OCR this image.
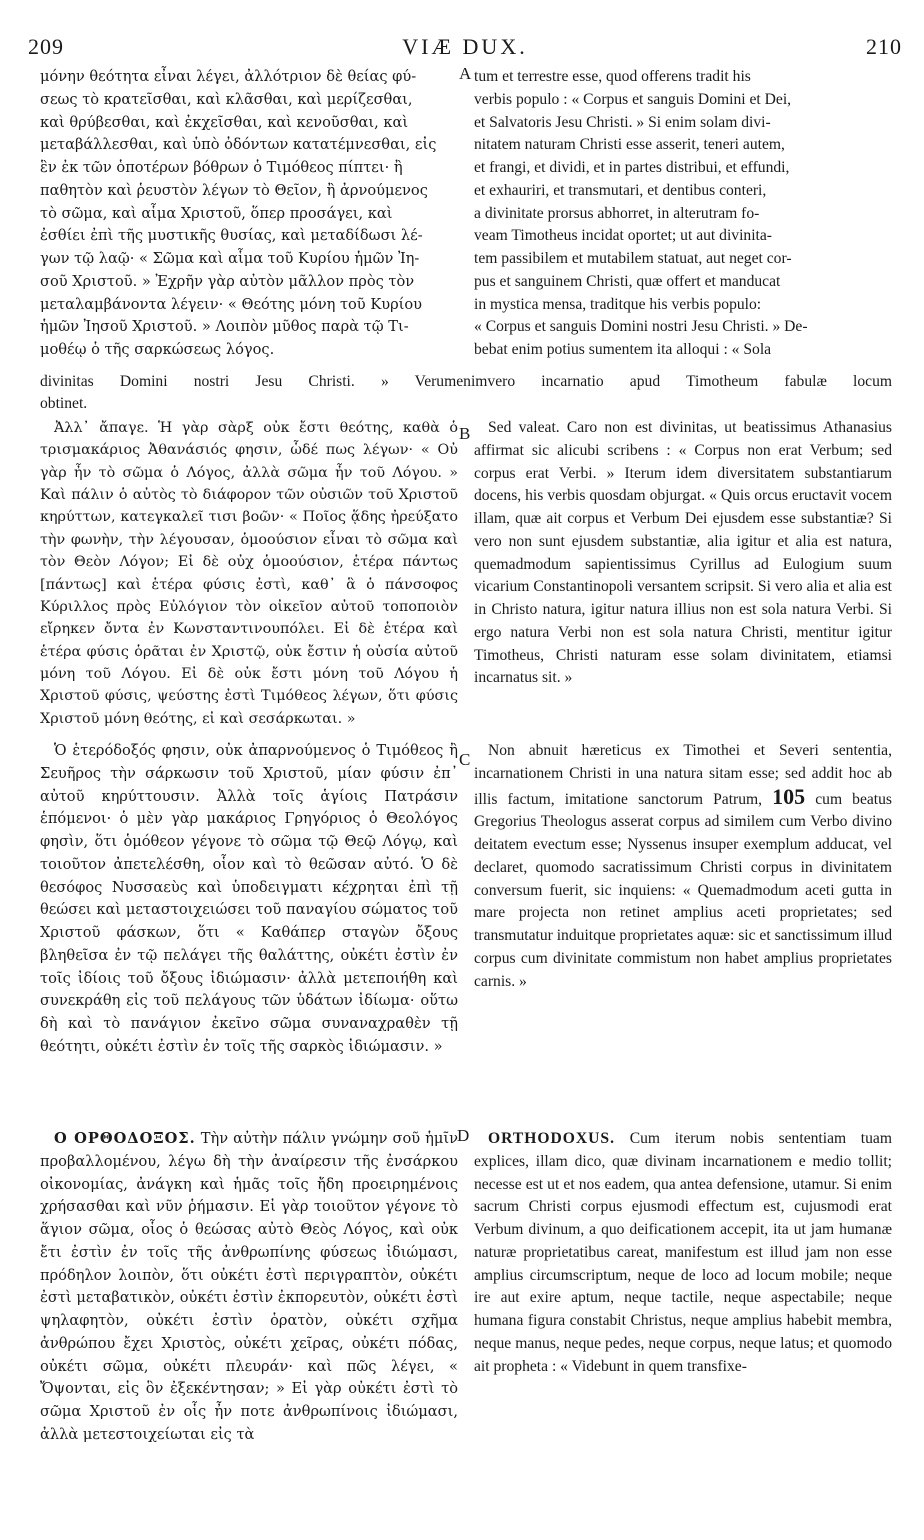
209	VIÆ DUX.	210
μόνην θεότητα εἶναι λέγει, ἀλλότριον δὲ θείας φύ-
σεως τὸ κρατεῖσθαι, καὶ κλᾶσθαι, καὶ μερίζεσθαι,
καὶ θρύβεσθαι, καὶ ἐκχεῖσθαι, καὶ κενοῦσθαι, καὶ
μεταβάλλεσθαι, καὶ ὑπὸ ὀδόντων κατατέμνεσθαι, εἰς
ἓν ἐκ τῶν ὁποτέρων βόθρων ὁ Τιμόθεος πίπτει· ἢ
παθητὸν καὶ ῥευστὸν λέγων τὸ Θεῖον, ἢ ἀρνούμενος
τὸ σῶμα, καὶ αἷμα Χριστοῦ, ὅπερ προσάγει, καὶ
ἐσθίει ἐπὶ τῆς μυστικῆς θυσίας, καὶ μεταδίδωσι λέ-
γων τῷ λαῷ· « Σῶμα καὶ αἷμα τοῦ Κυρίου ἡμῶν Ἰη-
σοῦ Χριστοῦ. » Ἐχρῆν γὰρ αὐτὸν μᾶλλον πρὸς τὸν
μεταλαμβάνοντα λέγειν· « Θεότης μόνη τοῦ Κυρίου
ἡμῶν Ἰησοῦ Χριστοῦ. » Λοιπὸν μῦθος παρὰ τῷ Τι-
μοθέῳ ὁ τῆς σαρκώσεως λόγος.
A tum et terrestre esse, quod offerens tradit his
verbis populo : « Corpus et sanguis Domini et Dei,
et Salvatoris Jesu Christi. » Si enim solam divi-
nitatem naturam Christi esse asserit, teneri autem,
et frangi, et dividi, et in partes distribui, et effundi,
et exhauriri, et transmutari, et dentibus conteri,
a divinitate prorsus abhorret, in alterutram fo-
veam Timotheus incidat oportet; ut aut divinita-
tem passibilem et mutabilem statuat, aut neget cor-
pus et sanguinem Christi, quæ offert et manducat
in mystica mensa, traditque his verbis populo:
« Corpus et sanguis Domini nostri Jesu Christi. » De-
bebat enim potius sumentem ita alloqui : « Sola
divinitas Domini nostri Jesu Christi. » Verumenimvero incarnatio apud Timotheum fabulæ locum
obtinet.

Ἀλλ᾽ ἄπαγε. Ἡ γὰρ σὰρξ οὐκ ἔστι θεότης, καθὰ ὁ τρισμακάριος Ἀθανάσιός φησιν, ὧδέ πως λέγων· « Οὐ γὰρ ἦν τὸ σῶμα ὁ Λόγος, ἀλλὰ σῶμα ἦν τοῦ Λόγου. » Καὶ πάλιν ὁ αὐτὸς τὸ διάφορον τῶν οὐσιῶν τοῦ Χριστοῦ κηρύττων, κατεγκαλεῖ τισι βοῶν· « Ποῖος ᾅδης ἠρεύξατο τὴν φωνὴν, τὴν λέγουσαν, ὁμοούσιον εἶναι τὸ σῶμα καὶ τὸν Θεὸν Λόγον; Εἰ δὲ οὐχ ὁμοούσιον, ἑτέρα πάντως [πάντως] καὶ ἑτέρα φύσις ἐστὶ, καθ᾽ ἃ ὁ πάνσοφος Κύριλλος πρὸς Εὐλόγιον τὸν οἰκεῖον αὐτοῦ τοποποιὸν εἴρηκεν ὄντα ἐν Κωνσταντινουπόλει. Εἰ δὲ ἑτέρα καὶ ἑτέρα φύσις ὁρᾶται ἐν Χριστῷ, οὐκ ἔστιν ἡ οὐσία αὐτοῦ μόνη τοῦ Λόγου. Εἰ δὲ οὐκ ἔστι μόνη τοῦ Λόγου ἡ Χριστοῦ φύσις, ψεύστης ἐστὶ Τιμόθεος λέγων, ὅτι φύσις Χριστοῦ μόνη θεότης, εἰ καὶ σεσάρκωται. »

B	Sed valeat. Caro non est divinitas, ut beatissimus Athanasius affirmat sic alicubi scribens : « Corpus non erat Verbum; sed corpus erat Verbi. » Iterum idem diversitatem substantiarum docens, his verbis quosdam objurgat. « Quis orcus eructavit vocem illam, quæ ait corpus et Verbum Dei ejusdem esse substantiæ? Si vero non sunt ejusdem substantiæ, alia igitur et alia est natura, quemadmodum sapientissimus Cyrillus ad Eulogium suum vicarium Constantinopoli versantem scripsit. Si vero alia et alia est in Christo natura, igitur natura illius non est sola natura Verbi. Si ergo natura Verbi non est sola natura Christi, mentitur igitur Timotheus, Christi naturam esse solam divinitatem, etiamsi incarnatus sit. »

Ὁ ἑτερόδοξός φησιν, οὐκ ἀπαρνούμενος ὁ Τιμόθεος ἢ Σευῆρος τὴν σάρκωσιν τοῦ Χριστοῦ, μίαν φύσιν ἐπ᾽ αὐτοῦ κηρύττουσιν. Ἀλλὰ τοῖς ἁγίοις Πατράσιν ἑπόμενοι· ὁ μὲν γὰρ μακάριος Γρηγόριος ὁ Θεολόγος φησὶν, ὅτι ὁμόθεον γέγονε τὸ σῶμα τῷ Θεῷ Λόγῳ, καὶ τοιοῦτον ἀπετελέσθη, οἷον καὶ τὸ θεῶσαν αὐτό. Ὁ δὲ θεσόφος Νυσσαεὺς καὶ ὑποδειγματι κέχρηται ἐπὶ τῇ θεώσει καὶ μεταστοιχειώσει τοῦ παναγίου σώματος τοῦ Χριστοῦ φάσκων, ὅτι « Καθάπερ σταγὼν ὄξους βληθεῖσα ἐν τῷ πελάγει τῆς θαλάττης, οὐκέτι ἐστὶν ἐν τοῖς ἰδίοις τοῦ ὄξους ἰδιώμασιν· ἀλλὰ μετεποιήθη καὶ συνεκράθη εἰς τοῦ πελάγους τῶν ὑδάτων ἰδίωμα· οὕτω δὴ καὶ τὸ πανάγιον ἐκεῖνο σῶμα συναναχραθὲν τῇ θεότητι, οὐκέτι ἐστὶν ἐν τοῖς τῆς σαρκὸς ἰδιώμασιν. »

C	Non abnuit hæreticus ex Timothei et Severi sententia, incarnationem Christi in una natura sitam esse; sed addit hoc ab illis factum, imitatione sanctorum Patrum, 105 cum beatus Gregorius Theologus asserat corpus ad similem cum Verbo divino deitatem evectum esse; Nyssenus insuper exemplum adducat, vel declaret, quomodo sacratissimum Christi corpus in divinitatem conversum fuerit, sic inquiens: « Quemadmodum aceti gutta in mare projecta non retinet amplius aceti proprietates; sed transmutatur induitque proprietates aquæ: sic et sanctissimum illud corpus cum divinitate commistum non habet amplius proprietates carnis. »

Ο ΟΡΘΟΔΟΞΟΣ. Τὴν αὐτὴν πάλιν γνώμην σοῦ ἡμῖν προβαλλομένου, λέγω δὴ τὴν ἀναίρεσιν τῆς ἐνσάρκου οἰκονομίας, ἀνάγκη καὶ ἡμᾶς τοῖς ἤδη προειρημένοις χρήσασθαι καὶ νῦν ῥήμασιν. Εἰ γὰρ τοιοῦτον γέγονε τὸ ἅγιον σῶμα, οἷος ὁ θεώσας αὐτὸ Θεὸς Λόγος, καὶ οὐκ ἔτι ἐστὶν ἐν τοῖς τῆς ἀνθρωπίνης φύσεως ἰδιώμασι, πρόδηλον λοιπὸν, ὅτι οὐκέτι ἐστὶ περιγραπτὸν, οὐκέτι ἐστὶ μεταβατικὸν, οὐκέτι ἐστὶν ἐκπορευτὸν, οὐκέτι ἐστὶ ψηλαφητὸν, οὐκέτι ἐστὶν ὁρατὸν, οὐκέτι σχῆμα ἀνθρώπου ἔχει Χριστὸς, οὐκέτι χεῖρας, οὐκέτι πόδας, οὐκέτι σῶμα, οὐκέτι πλευράν· καὶ πῶς λέγει, « Ὄψονται, εἰς ὃν ἐξεκέντησαν; » Εἰ γὰρ οὐκέτι ἐστὶ τὸ σῶμα Χριστοῦ ἐν οἷς ἦν ποτε ἀνθρωπίνοις ἰδιώμασι, ἀλλὰ μετεστοιχείωται εἰς τὰ

D	ORTHODOXUS. Cum iterum nobis sententiam tuam explices, illam dico, quæ divinam incarnationem e medio tollit; necesse est ut et nos eadem, qua antea defensione, utamur. Si enim sacrum Christi corpus ejusmodi effectum est, cujusmodi erat Verbum divinum, a quo deificationem accepit, ita ut jam humanæ naturæ proprietatibus careat, manifestum est illud jam non esse amplius circumscriptum, neque de loco ad locum mobile; neque ire aut exire aptum, neque tactile, neque aspectabile; neque humana figura constabit Christus, neque amplius habebit membra, neque manus, neque pedes, neque corpus, neque latus; et quomodo ait propheta : « Videbunt in quem transfixe-
